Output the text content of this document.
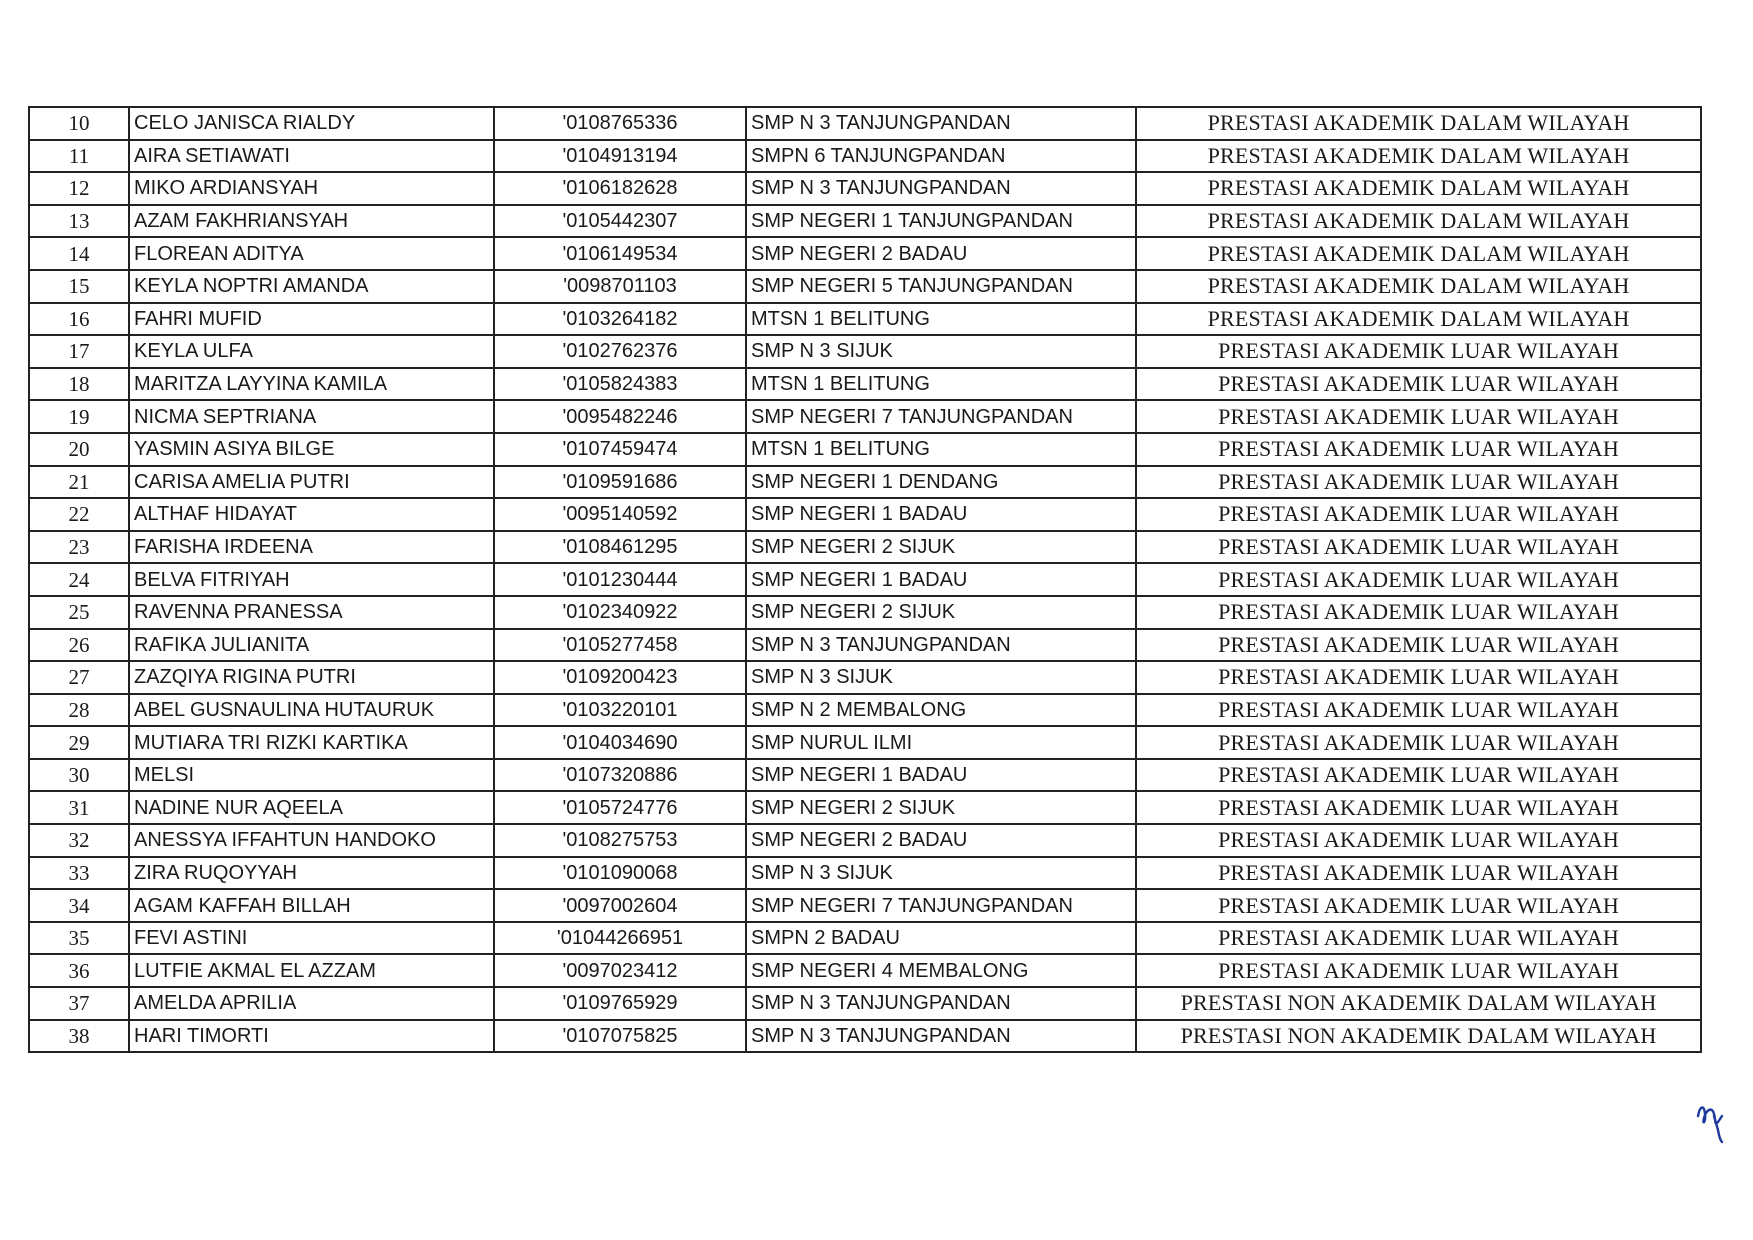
10	CELO JANISCA RIALDY	'0108765336	SMP N 3 TANJUNGPANDAN	PRESTASI AKADEMIK DALAM WILAYAH
11	AIRA SETIAWATI	'0104913194	SMPN 6 TANJUNGPANDAN	PRESTASI AKADEMIK DALAM WILAYAH
12	MIKO ARDIANSYAH	'0106182628	SMP N 3 TANJUNGPANDAN	PRESTASI AKADEMIK DALAM WILAYAH
13	AZAM FAKHRIANSYAH	'0105442307	SMP NEGERI 1 TANJUNGPANDAN	PRESTASI AKADEMIK DALAM WILAYAH
14	FLOREAN ADITYA	'0106149534	SMP NEGERI 2 BADAU	PRESTASI AKADEMIK DALAM WILAYAH
15	KEYLA NOPTRI AMANDA	'0098701103	SMP NEGERI 5 TANJUNGPANDAN	PRESTASI AKADEMIK DALAM WILAYAH
16	FAHRI MUFID	'0103264182	MTSN 1 BELITUNG	PRESTASI AKADEMIK DALAM WILAYAH
17	KEYLA ULFA	'0102762376	SMP N 3 SIJUK	PRESTASI AKADEMIK LUAR WILAYAH
18	MARITZA LAYYINA KAMILA	'0105824383	MTSN 1 BELITUNG	PRESTASI AKADEMIK LUAR WILAYAH
19	NICMA SEPTRIANA	'0095482246	SMP NEGERI 7 TANJUNGPANDAN	PRESTASI AKADEMIK LUAR WILAYAH
20	YASMIN ASIYA BILGE	'0107459474	MTSN 1 BELITUNG	PRESTASI AKADEMIK LUAR WILAYAH
21	CARISA AMELIA PUTRI	'0109591686	SMP NEGERI 1 DENDANG	PRESTASI AKADEMIK LUAR WILAYAH
22	ALTHAF HIDAYAT	'0095140592	SMP NEGERI 1 BADAU	PRESTASI AKADEMIK LUAR WILAYAH
23	FARISHA IRDEENA	'0108461295	SMP NEGERI 2 SIJUK	PRESTASI AKADEMIK LUAR WILAYAH
24	BELVA FITRIYAH	'0101230444	SMP NEGERI 1 BADAU	PRESTASI AKADEMIK LUAR WILAYAH
25	RAVENNA PRANESSA	'0102340922	SMP NEGERI 2 SIJUK	PRESTASI AKADEMIK LUAR WILAYAH
26	RAFIKA JULIANITA	'0105277458	SMP N 3 TANJUNGPANDAN	PRESTASI AKADEMIK LUAR WILAYAH
27	ZAZQIYA RIGINA PUTRI	'0109200423	SMP N 3 SIJUK	PRESTASI AKADEMIK LUAR WILAYAH
28	ABEL GUSNAULINA HUTAURUK	'0103220101	SMP N 2 MEMBALONG	PRESTASI AKADEMIK LUAR WILAYAH
29	MUTIARA TRI RIZKI KARTIKA	'0104034690	SMP NURUL ILMI	PRESTASI AKADEMIK LUAR WILAYAH
30	MELSI	'0107320886	SMP NEGERI 1 BADAU	PRESTASI AKADEMIK LUAR WILAYAH
31	NADINE NUR AQEELA	'0105724776	SMP NEGERI 2 SIJUK	PRESTASI AKADEMIK LUAR WILAYAH
32	ANESSYA IFFAHTUN HANDOKO	'0108275753	SMP NEGERI 2 BADAU	PRESTASI AKADEMIK LUAR WILAYAH
33	ZIRA RUQOYYAH	'0101090068	SMP N 3 SIJUK	PRESTASI AKADEMIK LUAR WILAYAH
34	AGAM KAFFAH BILLAH	'0097002604	SMP NEGERI 7 TANJUNGPANDAN	PRESTASI AKADEMIK LUAR WILAYAH
35	FEVI ASTINI	'01044266951	SMPN 2 BADAU	PRESTASI AKADEMIK LUAR WILAYAH
36	LUTFIE AKMAL EL AZZAM	'0097023412	SMP NEGERI 4 MEMBALONG	PRESTASI AKADEMIK LUAR WILAYAH
37	AMELDA APRILIA	'0109765929	SMP N 3 TANJUNGPANDAN	PRESTASI NON AKADEMIK DALAM WILAYAH
38	HARI TIMORTI	'0107075825	SMP N 3 TANJUNGPANDAN	PRESTASI NON AKADEMIK DALAM WILAYAH
